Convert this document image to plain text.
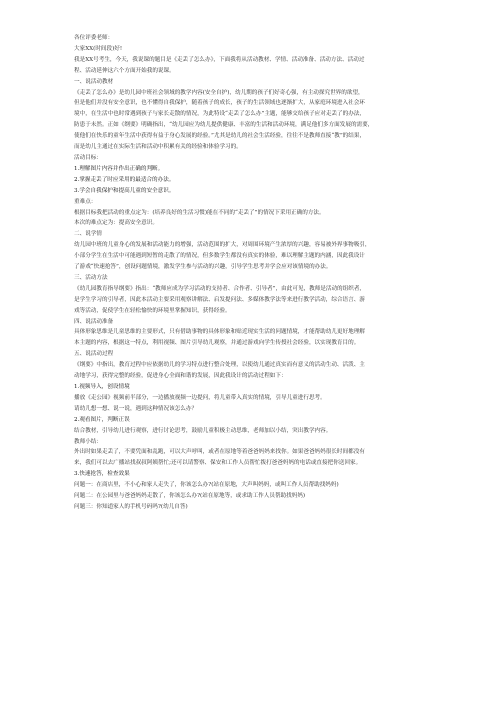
各位评委老师：
大家XX(时间段)好!
我是XX号考生，今天，我说课的题目是《走丢了怎么办》，下面我将从活动教材、学情、活动准备、活动方法、活动过
程、活动延伸这六个方面开始我的说课。
一、说活动教材
《走丢了怎么办》是幼儿园中班社会领域的教学内容(安全自护)，幼儿期的孩子们好奇心强，有主动探究世界的欲望，
但是他们并没有安全意识，也不懂得自我保护，随着孩子的成长，孩子的生活领域也逐渐扩大，从家庭环境进入社会环
境中，在生活中也时常遇到孩子与家长走散的情况，为此特设“走丢了怎么办”主题，能够交给孩子应对走丢了的办法，
防患于未然。正如《纲要》明确指出，“幼儿园应为幼儿提供健康、丰富的生活和活动环境，满足他们多方面发展的需要，
使他们在快乐的童年生活中获得有益于身心发展的经验。”尤其是幼儿的社会生活经验，往往不是教师直接“教”的结果，
而是幼儿主通过在实际生活和活动中积累有关的经验和体验学习的。
活动目标：
1.理解图片内容并作出正确的判断。
2.掌握走丢了时应采用的最适合的办法。
3.学会自我保护和提高儿童的安全意识。
重难点：
根据目标我把活动的重点定为：(培养良好的生活习惯)能在不同的“走丢了”的情况下采用正确的方法。
本次的难点定为：提高安全意识。
二、说学情
幼儿园中班的儿童身心的发展和活动能力的增强，活动范围的扩大，对周围环境产生浓厚的兴趣，容易被外界事物吸引，
小部分学生在生活中可能遇到短暂的走散了的情况，但多数学生都没有真实的体验，难以理解主题的内涵，因此我设计
了游戏“快速抢答”，创设问题情境，激发学生参与活动的兴趣，引导学生思考并学会应对该情境的办法。
三、活动方法
《幼儿园教育指导纲要》指出：“教师应成为学习活动的支持者、合作者、引导者”，由此可见，教师是活动的组织者，
是学生学习的引导者，因此本活动主要采用观察讲解法、启发提问法、多媒体教学法等来进行教学活动，综合语言、游
戏等活动，促使学生在轻松愉快的环境里掌握知识，获得经验。
四、说活动准备
具体形象思维是儿童思维的主要形式，只有借助事物的具体形象和贴近现实生活的问题情境，才能帮助幼儿更好地理解
本主题的内容，根据这一特点，利用视频、图片引导幼儿观察，并通过游戏向学生传授社会经验，以实现教育目的。
五、说活动过程
《纲要》中指出，教育过程中应依据幼儿的学习特点进行整合处理，以使幼儿通过真实而有意义的活动生动、活泼、主
动地学习，获得完整的经验，促进身心全面和谐的发展，因此我设计的活动过程如下：
1.视频导入，创设情境
播放《走公园》视频前半部分，一边播放视频一边提问，将儿童带入真实的情境，引导儿童进行思考。
请幼儿想一想、说一说，遇到这种情况该怎么办？
2.观看图片，判断正误
结合教材，引导幼儿进行观察，进行讨论思考，鼓励儿童积极主动思维，老师加以小结，突出教学内容。
教师小结：
外出时如果走丢了，不要凭面和乱跑，可以大声呼叫，或者在原地等着爸爸妈妈来找你。如果爸爸妈妈很长时间都没有
来，我们可以去广播站找叔叔阿姨帮忙;还可以请警察、保安和工作人员帮忙拨打爸爸妈妈的电话或直接把你送回家。
3.快速抢答，检查效果
问题一：在商店里，不小心和家人走失了，你该怎么办?(站在原地，大声叫妈妈，或叫工作人员帮助找妈妈)
问题二：在公园里与爸爸妈妈走散了，你该怎么办?(站在原地等，或求助工作人员帮助找妈妈)
问题三：你知道家人的手机号码吗?(幼儿自答)
